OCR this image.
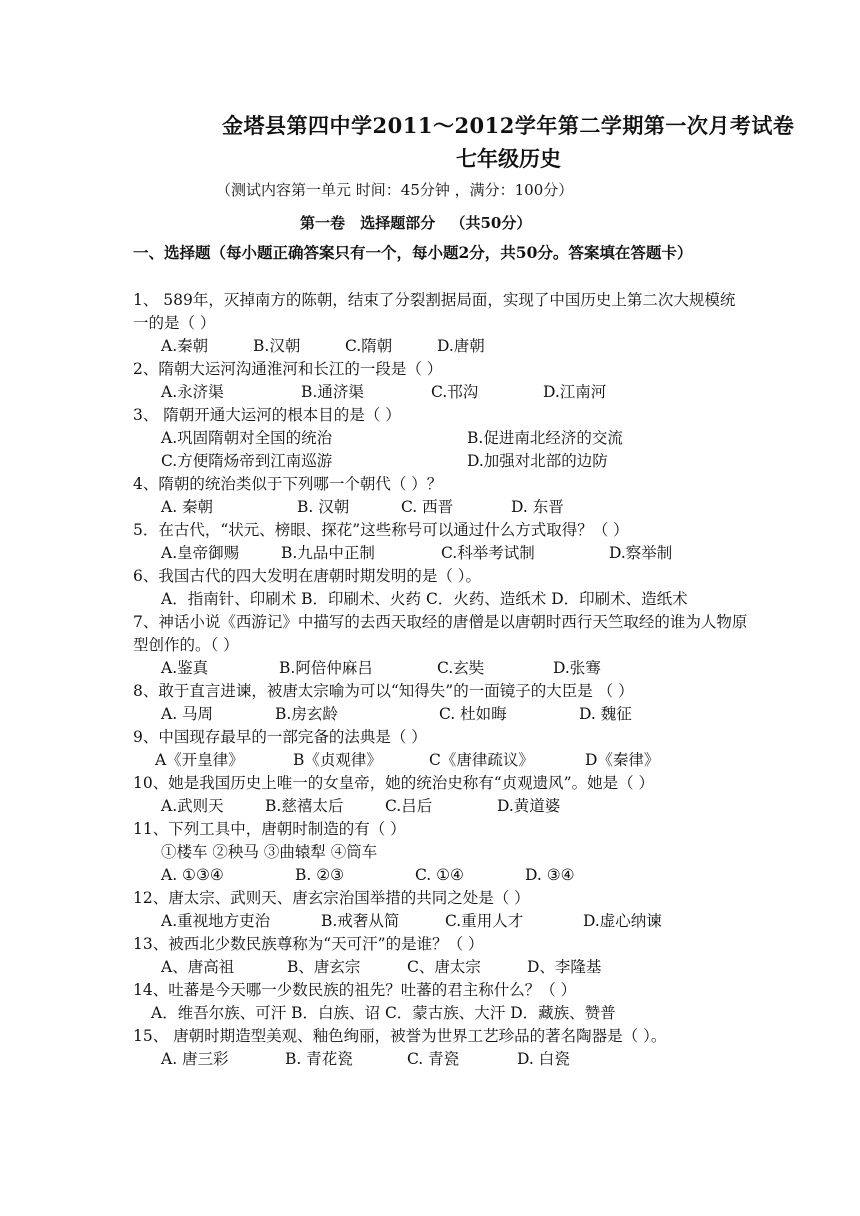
金塔县第四中学2011～2012学年第二学期第一次月考试卷
七年级历史
（测试内容第一单元 时间：45分钟 ，满分：100分）
第一卷 选择题部分 （共50分）
一、选择题（每小题正确答案只有一个，每小题2分，共50分。答案填在答题卡）
1、 589年，灭掉南方的陈朝，结束了分裂割据局面，实现了中国历史上第二次大规模统一的是（ ）
A.秦朝	B.汉朝	C.隋朝	D.唐朝
2、隋朝大运河沟通淮河和长江的一段是（ ）
A.永济渠	B.通济渠	C.邗沟	D.江南河
3、 隋朝开通大运河的根本目的是（ ）
A.巩固隋朝对全国的统治	B.促进南北经济的交流
C.方便隋炀帝到江南巡游	D.加强对北部的边防
4、隋朝的统治类似于下列哪一个朝代（ ）？
A. 秦朝	B. 汉朝	C. 西晋	D. 东晋
5．在古代，“状元、榜眼、探花”这些称号可以通过什么方式取得？（ ）
A.皇帝御赐	B.九品中正制	C.科举考试制	D.察举制
6、我国古代的四大发明在唐朝时期发明的是（ ）。
A．指南针、印刷术 B．印刷术、火药 C．火药、造纸术 D．印刷术、造纸术
7、神话小说《西游记》中描写的去西天取经的唐僧是以唐朝时西行天竺取经的谁为人物原型创作的。（ ）
A.鉴真	B.阿倍仲麻吕	C.玄奘	D.张骞
8、敢于直言进谏，被唐太宗喻为可以“知得失”的一面镜子的大臣是 （ ）
A. 马周	B.房玄龄	C. 杜如晦	D. 魏征
9、中国现存最早的一部完备的法典是（ ）
A《开皇律》	B《贞观律》	C《唐律疏议》	D《秦律》
10、她是我国历史上唯一的女皇帝，她的统治史称有“贞观遗风”。她是（ ）
A.武则天	B.慈禧太后	C.吕后	D.黄道婆
11、下列工具中，唐朝时制造的有（ ）
①楼车 ②秧马 ③曲辕犁 ④筒车
A. ①③④	B. ②③	C. ①④	D. ③④
12、唐太宗、武则天、唐玄宗治国举措的共同之处是（ ）
A.重视地方吏治	B.戒奢从简	C.重用人才	D.虚心纳谏
13、被西北少数民族尊称为“天可汗”的是谁？（ ）
A、唐高祖	B、唐玄宗	C、唐太宗	D、李隆基
14、吐蕃是今天哪一少数民族的祖先？吐蕃的君主称什么？（ ）
A．维吾尔族、可汗 B．白族、诏 C．蒙古族、大汗 D．藏族、赞普
15、 唐朝时期造型美观、釉色绚丽，被誉为世界工艺珍品的著名陶器是（ ）。
A. 唐三彩	B. 青花瓷	C. 青瓷	D. 白瓷
